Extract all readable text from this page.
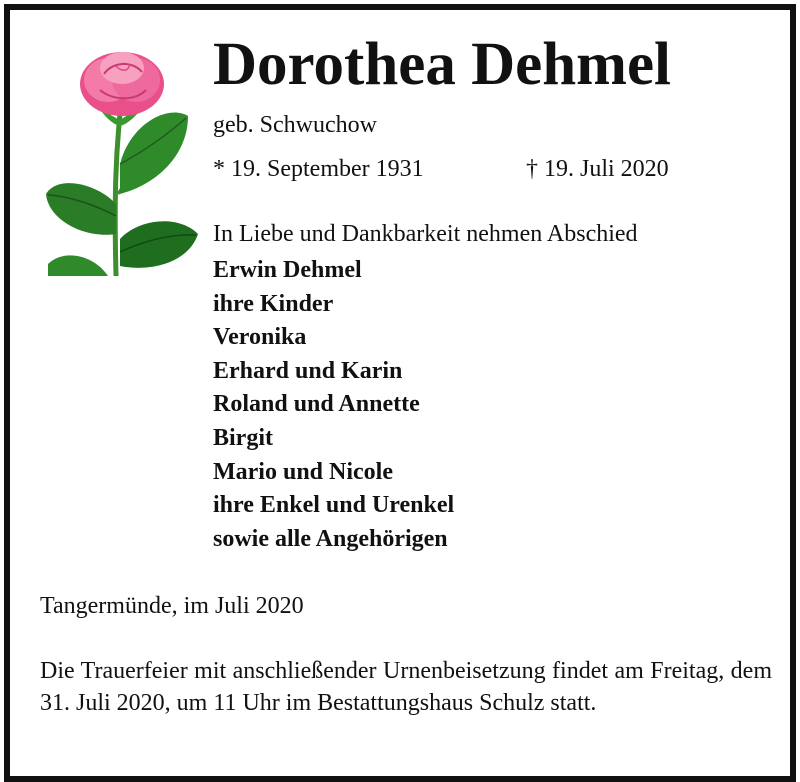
Dorothea Dehmel
geb. Schwuchow
* 19. September 1931	† 19. Juli 2020
In Liebe und Dankbarkeit nehmen Abschied
Erwin Dehmel
ihre Kinder
Veronika
Erhard und Karin
Roland und Annette
Birgit
Mario und Nicole
ihre Enkel und Urenkel
sowie alle Angehörigen
Tangermünde, im Juli 2020

Die Trauerfeier mit anschließender Urnenbeisetzung findet am Freitag, dem 31. Juli 2020, um 11 Uhr im Bestattungshaus Schulz statt.
